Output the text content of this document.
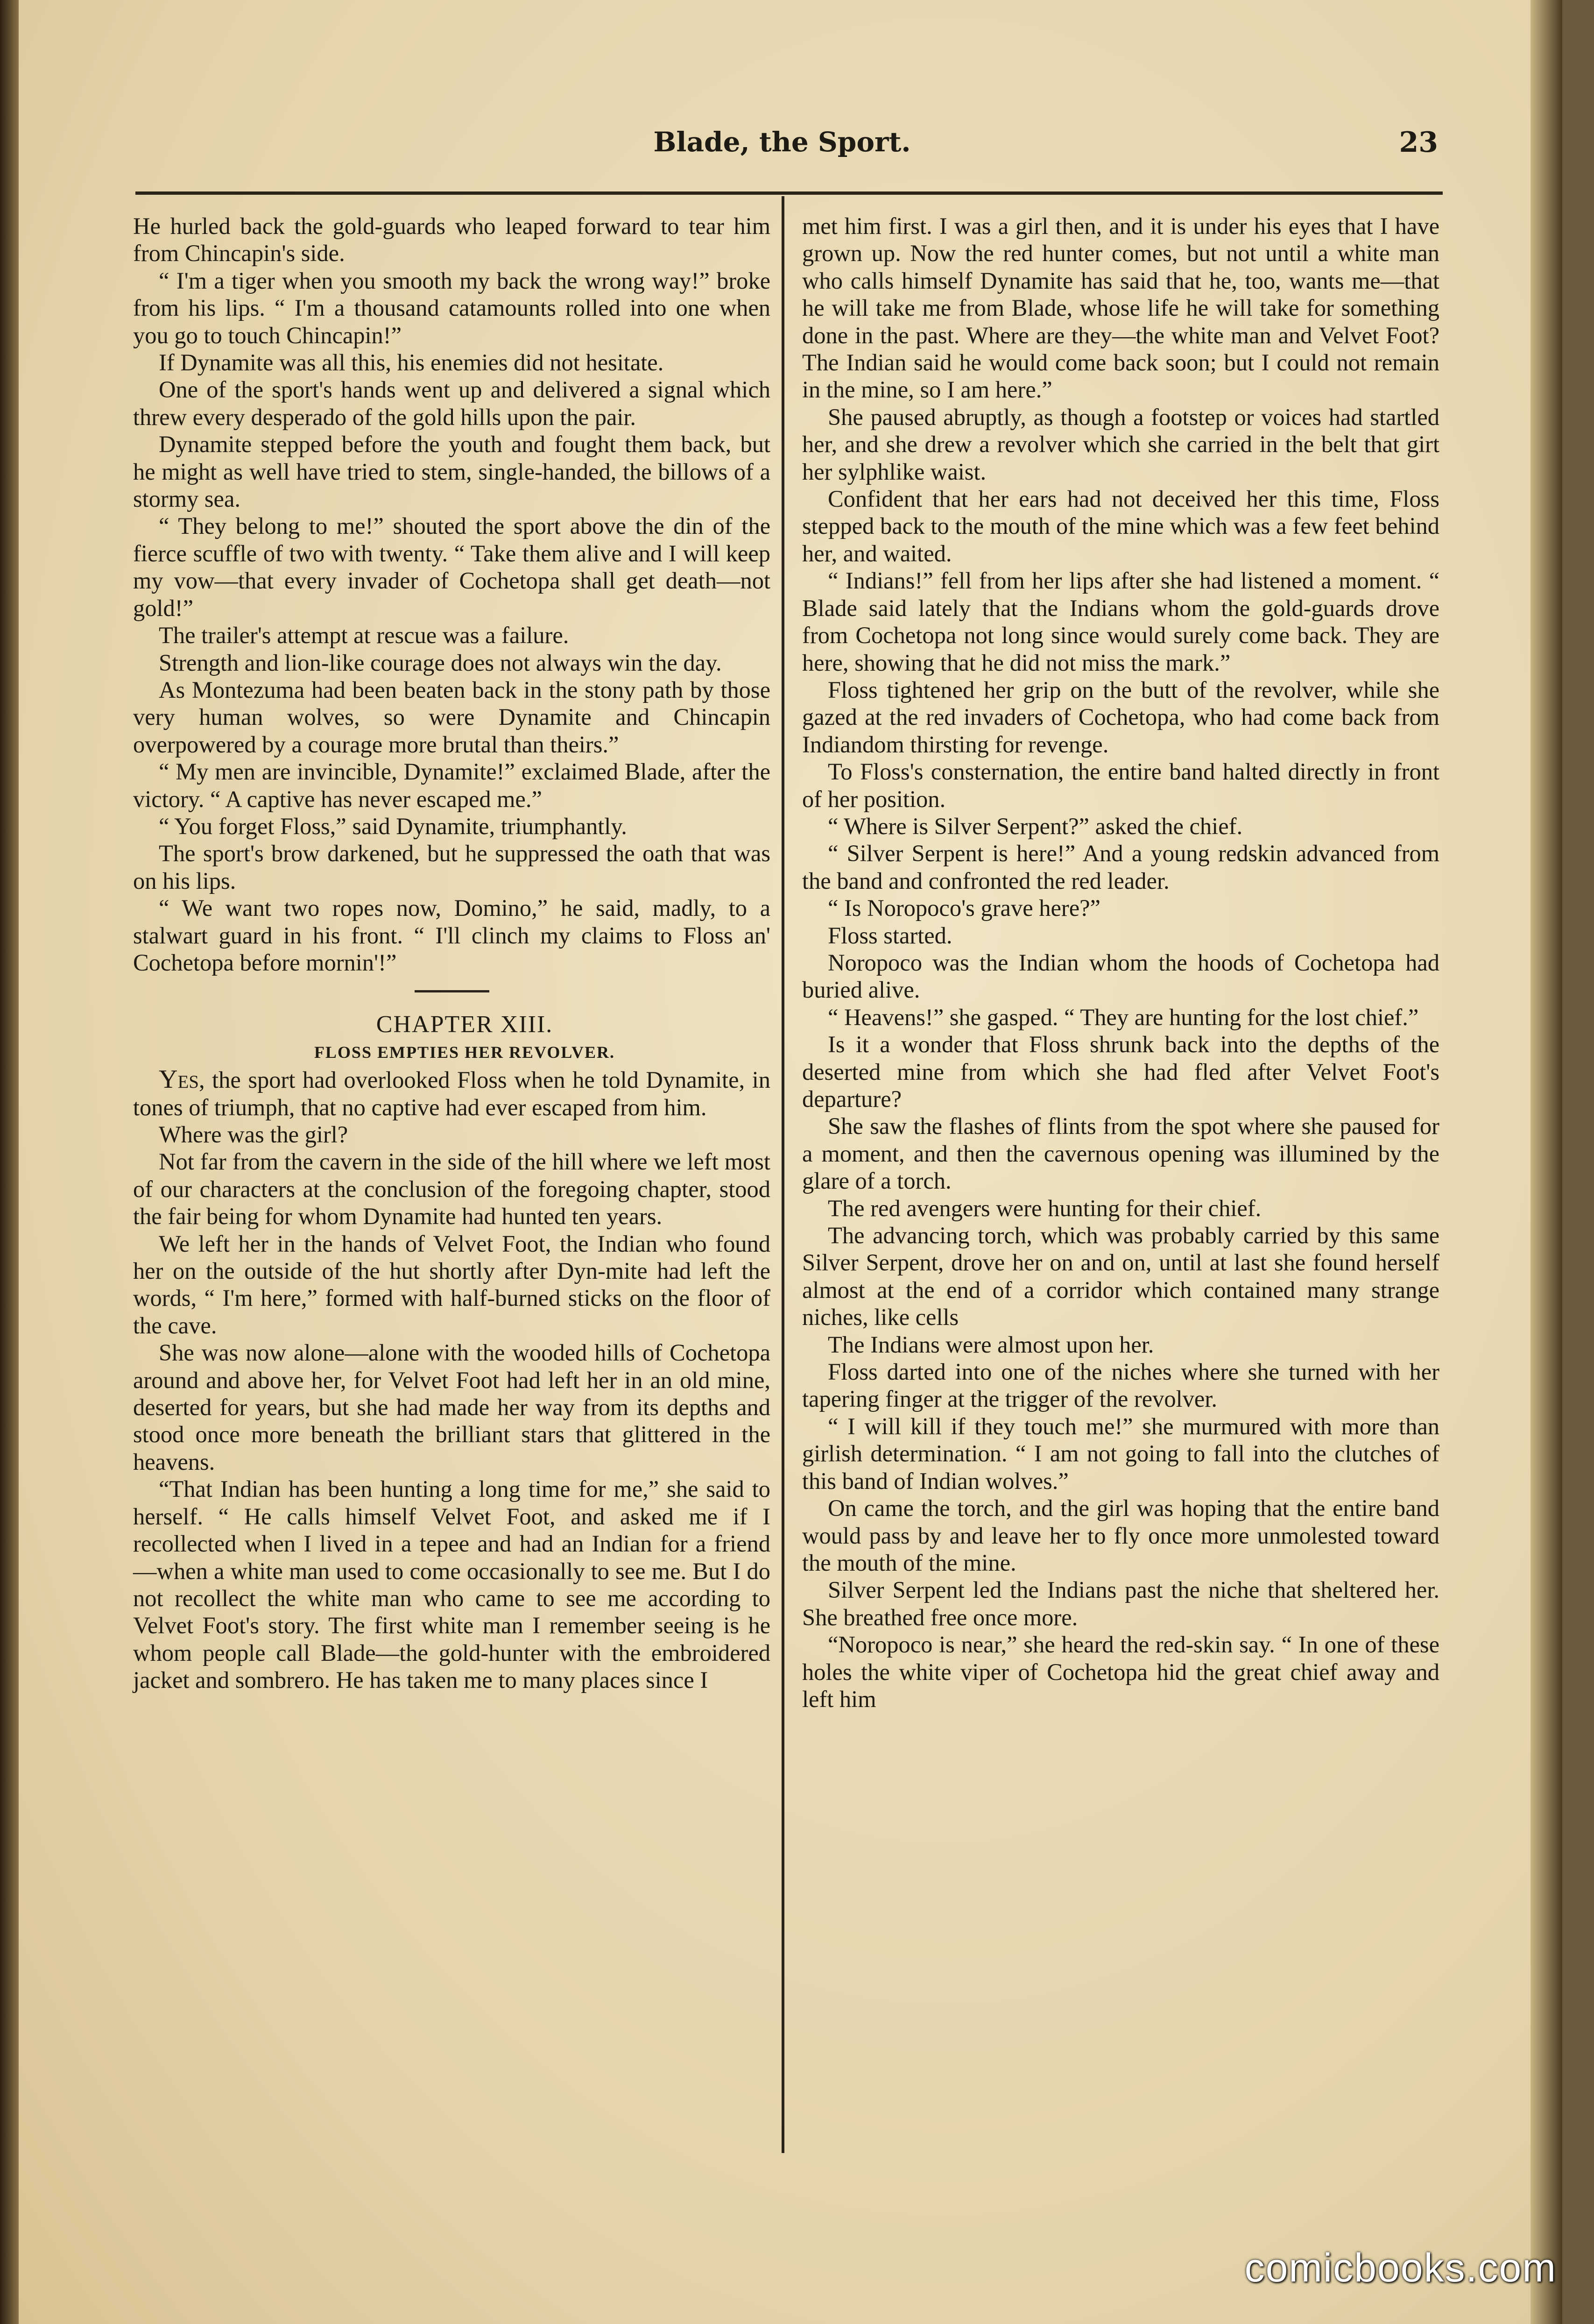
Blade, the Sport.	23

He hurled back the gold-guards who leaped forward to tear him from Chincapin's side.

“ I'm a tiger when you smooth my back the wrong way!” broke from his lips. “ I'm a thousand catamounts rolled into one when you go to touch Chincapin!”

If Dynamite was all this, his enemies did not hesitate.

One of the sport's hands went up and delivered a signal which threw every desperado of the gold hills upon the pair.

Dynamite stepped before the youth and fought them back, but he might as well have tried to stem, single-handed, the billows of a stormy sea.

“ They belong to me!” shouted the sport above the din of the fierce scuffle of two with twenty. “ Take them alive and I will keep my vow—that every invader of Cochetopa shall get death—not gold!”

The trailer's attempt at rescue was a failure.

Strength and lion-like courage does not always win the day.

As Montezuma had been beaten back in the stony path by those very human wolves, so were Dynamite and Chincapin overpowered by a courage more brutal than theirs.”

“ My men are invincible, Dynamite!” exclaimed Blade, after the victory. “ A captive has never escaped me.”

“ You forget Floss,” said Dynamite, triumphantly.

The sport's brow darkened, but he suppressed the oath that was on his lips.

“ We want two ropes now, Domino,” he said, madly, to a stalwart guard in his front. “ I'll clinch my claims to Floss an' Cochetopa before mornin'!”

CHAPTER XIII.

FLOSS EMPTIES HER REVOLVER.

Yes, the sport had overlooked Floss when he told Dynamite, in tones of triumph, that no captive had ever escaped from him.

Where was the girl?

Not far from the cavern in the side of the hill where we left most of our characters at the conclusion of the foregoing chapter, stood the fair being for whom Dynamite had hunted ten years.

We left her in the hands of Velvet Foot, the Indian who found her on the outside of the hut shortly after Dyn-mite had left the words, “ I'm here,” formed with half-burned sticks on the floor of the cave.

She was now alone—alone with the wooded hills of Cochetopa around and above her, for Velvet Foot had left her in an old mine, deserted for years, but she had made her way from its depths and stood once more beneath the brilliant stars that glittered in the heavens.

“That Indian has been hunting a long time for me,” she said to herself. “ He calls himself Velvet Foot, and asked me if I recollected when I lived in a tepee and had an Indian for a friend —when a white man used to come occasionally to see me. But I do not recollect the white man who came to see me according to Velvet Foot's story. The first white man I remember seeing is he whom people call Blade—the gold-hunter with the embroidered jacket and sombrero. He has taken me to many places since I

met him first. I was a girl then, and it is under his eyes that I have grown up. Now the red hunter comes, but not until a white man who calls himself Dynamite has said that he, too, wants me—that he will take me from Blade, whose life he will take for something done in the past. Where are they—the white man and Velvet Foot? The Indian said he would come back soon; but I could not remain in the mine, so I am here.”

She paused abruptly, as though a footstep or voices had startled her, and she drew a revolver which she carried in the belt that girt her sylphlike waist.

Confident that her ears had not deceived her this time, Floss stepped back to the mouth of the mine which was a few feet behind her, and waited.

“ Indians!” fell from her lips after she had listened a moment. “ Blade said lately that the Indians whom the gold-guards drove from Cochetopa not long since would surely come back. They are here, showing that he did not miss the mark.”

Floss tightened her grip on the butt of the revolver, while she gazed at the red invaders of Cochetopa, who had come back from Indiandom thirsting for revenge.

To Floss's consternation, the entire band halted directly in front of her position.

“ Where is Silver Serpent?” asked the chief.

“ Silver Serpent is here!” And a young redskin advanced from the band and confronted the red leader.

“ Is Noropoco's grave here?”

Floss started.

Noropoco was the Indian whom the hoods of Cochetopa had buried alive.

“ Heavens!” she gasped. “ They are hunting for the lost chief.”

Is it a wonder that Floss shrunk back into the depths of the deserted mine from which she had fled after Velvet Foot's departure?

She saw the flashes of flints from the spot where she paused for a moment, and then the cavernous opening was illumined by the glare of a torch.

The red avengers were hunting for their chief.

The advancing torch, which was probably carried by this same Silver Serpent, drove her on and on, until at last she found herself almost at the end of a corridor which contained many strange niches, like cells

The Indians were almost upon her.

Floss darted into one of the niches where she turned with her tapering finger at the trigger of the revolver.

“ I will kill if they touch me!” she murmured with more than girlish determination. “ I am not going to fall into the clutches of this band of Indian wolves.”

On came the torch, and the girl was hoping that the entire band would pass by and leave her to fly once more unmolested toward the mouth of the mine.

Silver Serpent led the Indians past the niche that sheltered her. She breathed free once more.

“Noropoco is near,” she heard the red-skin say. “ In one of these holes the white viper of Cochetopa hid the great chief away and left him

comicbooks.com
